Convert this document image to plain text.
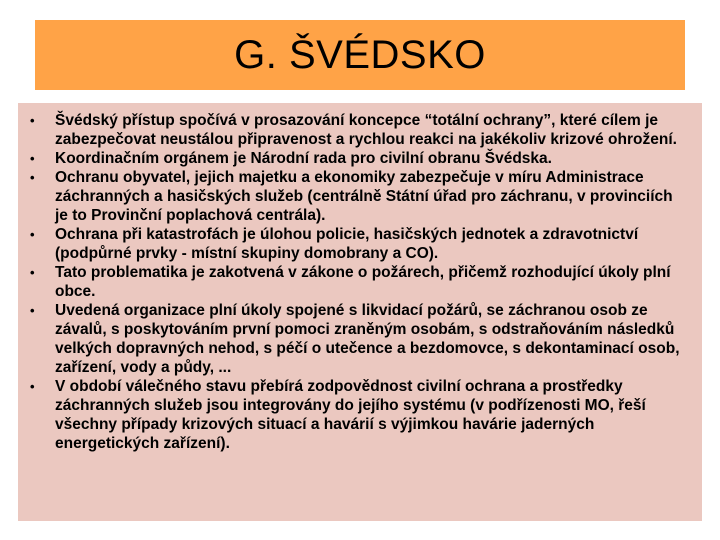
G. ŠVÉDSKO
• Švédský přístup spočívá v prosazování koncepce “totální ochrany”, které cílem je zabezpečovat neustálou připravenost a rychlou reakci na jakékoliv krizové ohrožení.
• Koordinačním orgánem je Národní rada pro civilní obranu Švédska.
• Ochranu obyvatel, jejich majetku a ekonomiky zabezpečuje v míru Administrace záchranných a hasičských služeb (centrálně Státní úřad pro záchranu, v provinciích je to Provinční poplachová centrála).
• Ochrana při katastrofách je úlohou policie, hasičských jednotek a zdravotnictví (podpůrné prvky - místní skupiny domobrany a CO).
• Tato problematika je zakotvená v zákone o požárech, přičemž rozhodující úkoly plní obce.
• Uvedená organizace plní úkoly spojené s likvidací požárů, se záchranou osob ze závalů, s poskytováním první pomoci zraněným osobám, s odstraňováním následků velkých dopravných nehod, s péčí o utečence a bezdomovce, s dekontaminací osob, zařízení, vody a půdy, ...
• V období válečného stavu přebírá zodpovědnost civilní ochrana a prostředky záchranných služeb jsou integrovány do jejího systému (v podřízenosti MO, řeší všechny případy krizových situací a havárií s výjimkou havárie jaderných energetických zařízení).
